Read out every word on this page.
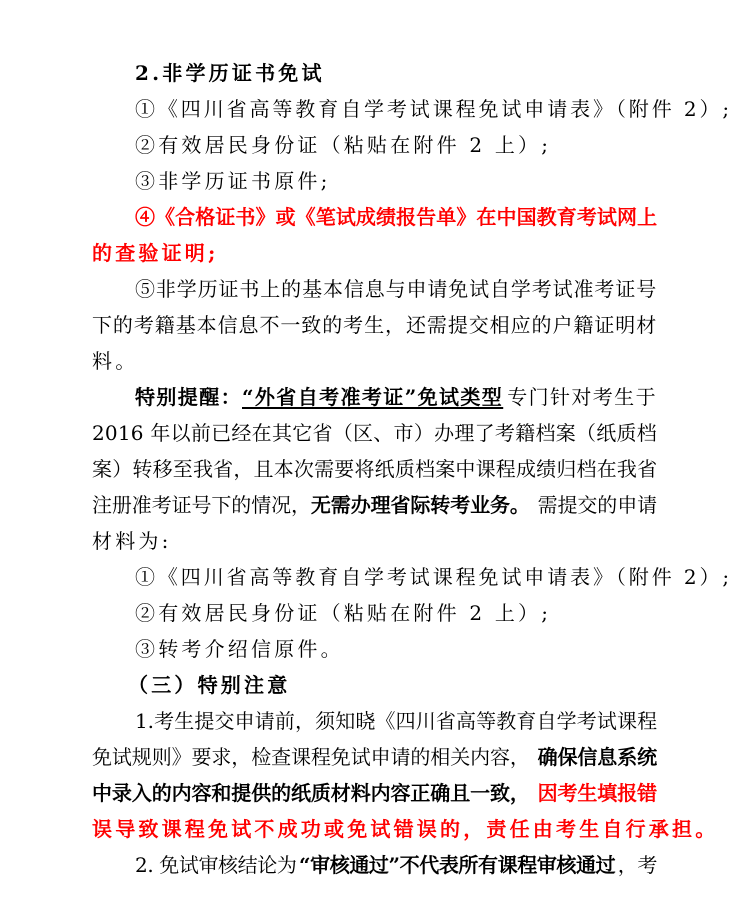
2.非学历证书免试
①《四川省高等教育自学考试课程免试申请表》（附件 2）;
②有效居民身份证（粘贴在附件 2 上）;
③非学历证书原件;
④《合格证书》或《笔试成绩报告单》在中国教育考试网上
的查验证明;
⑤非学历证书上的基本信息与申请免试自学考试准考证号
下的考籍基本信息不一致的考生，还需提交相应的户籍证明材
料。
特别提醒：“外省自考准考证”免试类型 专门针对考生于
2016 年以前已经在其它省（区、市）办理了考籍档案（纸质档
案）转移至我省，且本次需要将纸质档案中课程成绩归档在我省
注册准考证号下的情况，无需办理省际转考业务。 需提交的申请
材料为:
①《四川省高等教育自学考试课程免试申请表》（附件 2）;
②有效居民身份证（粘贴在附件 2 上）;
③转考介绍信原件。
（三）特别注意
1.考生提交申请前，须知晓《四川省高等教育自学考试课程
免试规则》要求，检查课程免试申请的相关内容， 确保信息系统
中录入的内容和提供的纸质材料内容正确且一致， 因考生填报错
误导致课程免试不成功或免试错误的，责任由考生自行承担。
2. 免试审核结论为 “审核通过”不代表所有课程审核通过 ，考
